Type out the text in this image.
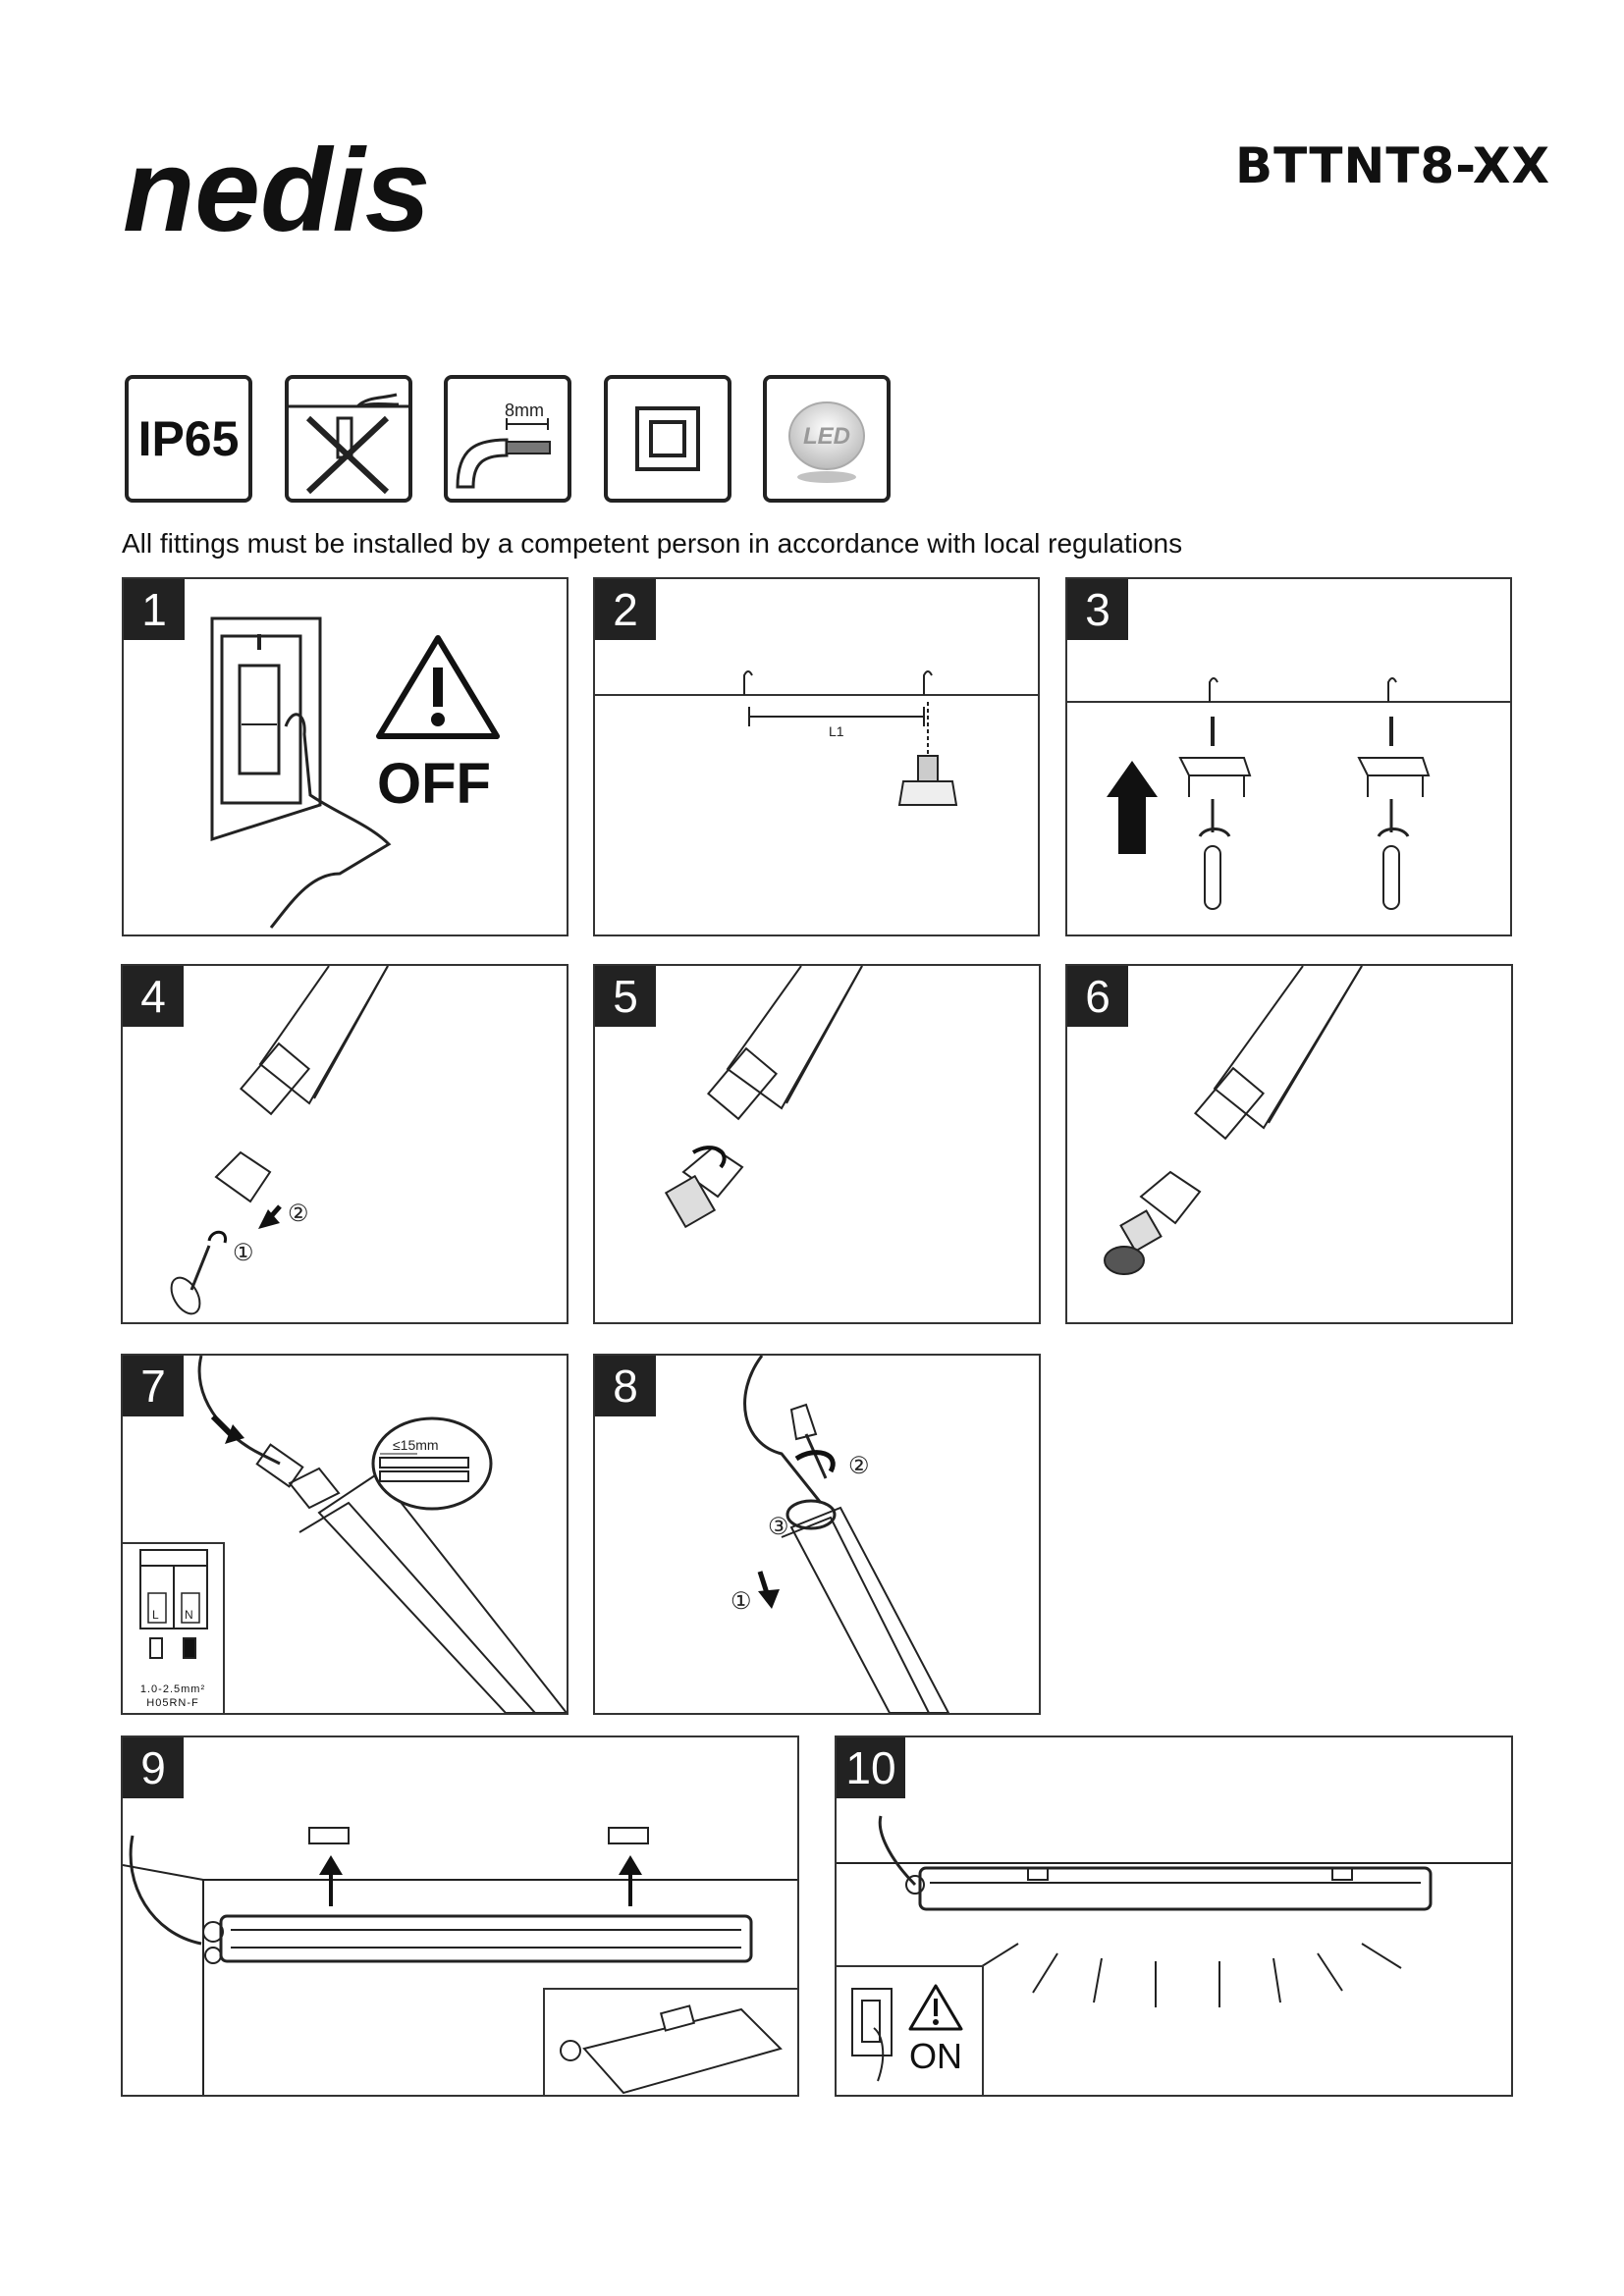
nedis	BTTNT8-XX
IP65
8mm
LED
All fittings must be installed by a competent person in accordance with local regulations
1
OFF
2
L1
3
4
①
②
5	6
7
≤15mm
L N
1.0-2.5mm²
H05RN-F
8
①
②
③
9	10
ON
